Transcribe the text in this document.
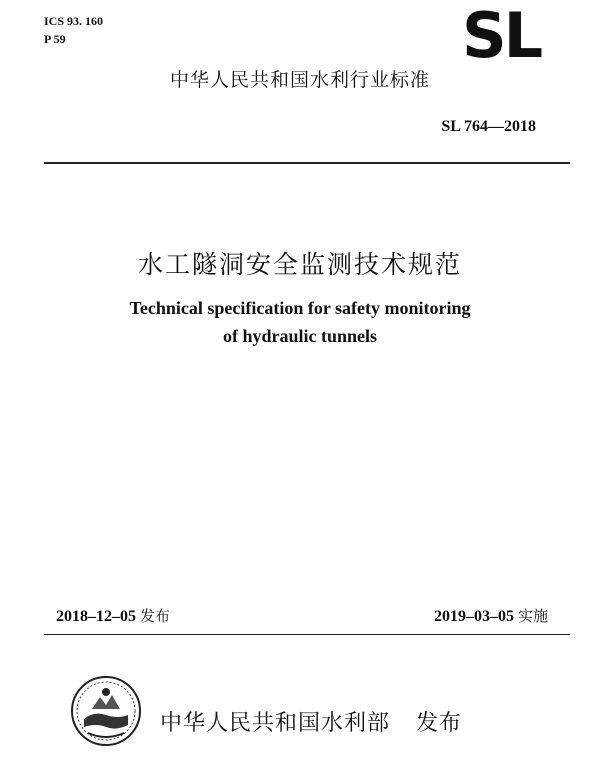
ICS 93. 160
P 59	SL
中华人民共和国水利行业标准
SL 764—2018
水工隧洞安全监测技术规范
Technical specification for safety monitoring
of hydraulic tunnels
2018–12–05 发布	2019–03–05 实施
中华人民共和国水利部 发布
